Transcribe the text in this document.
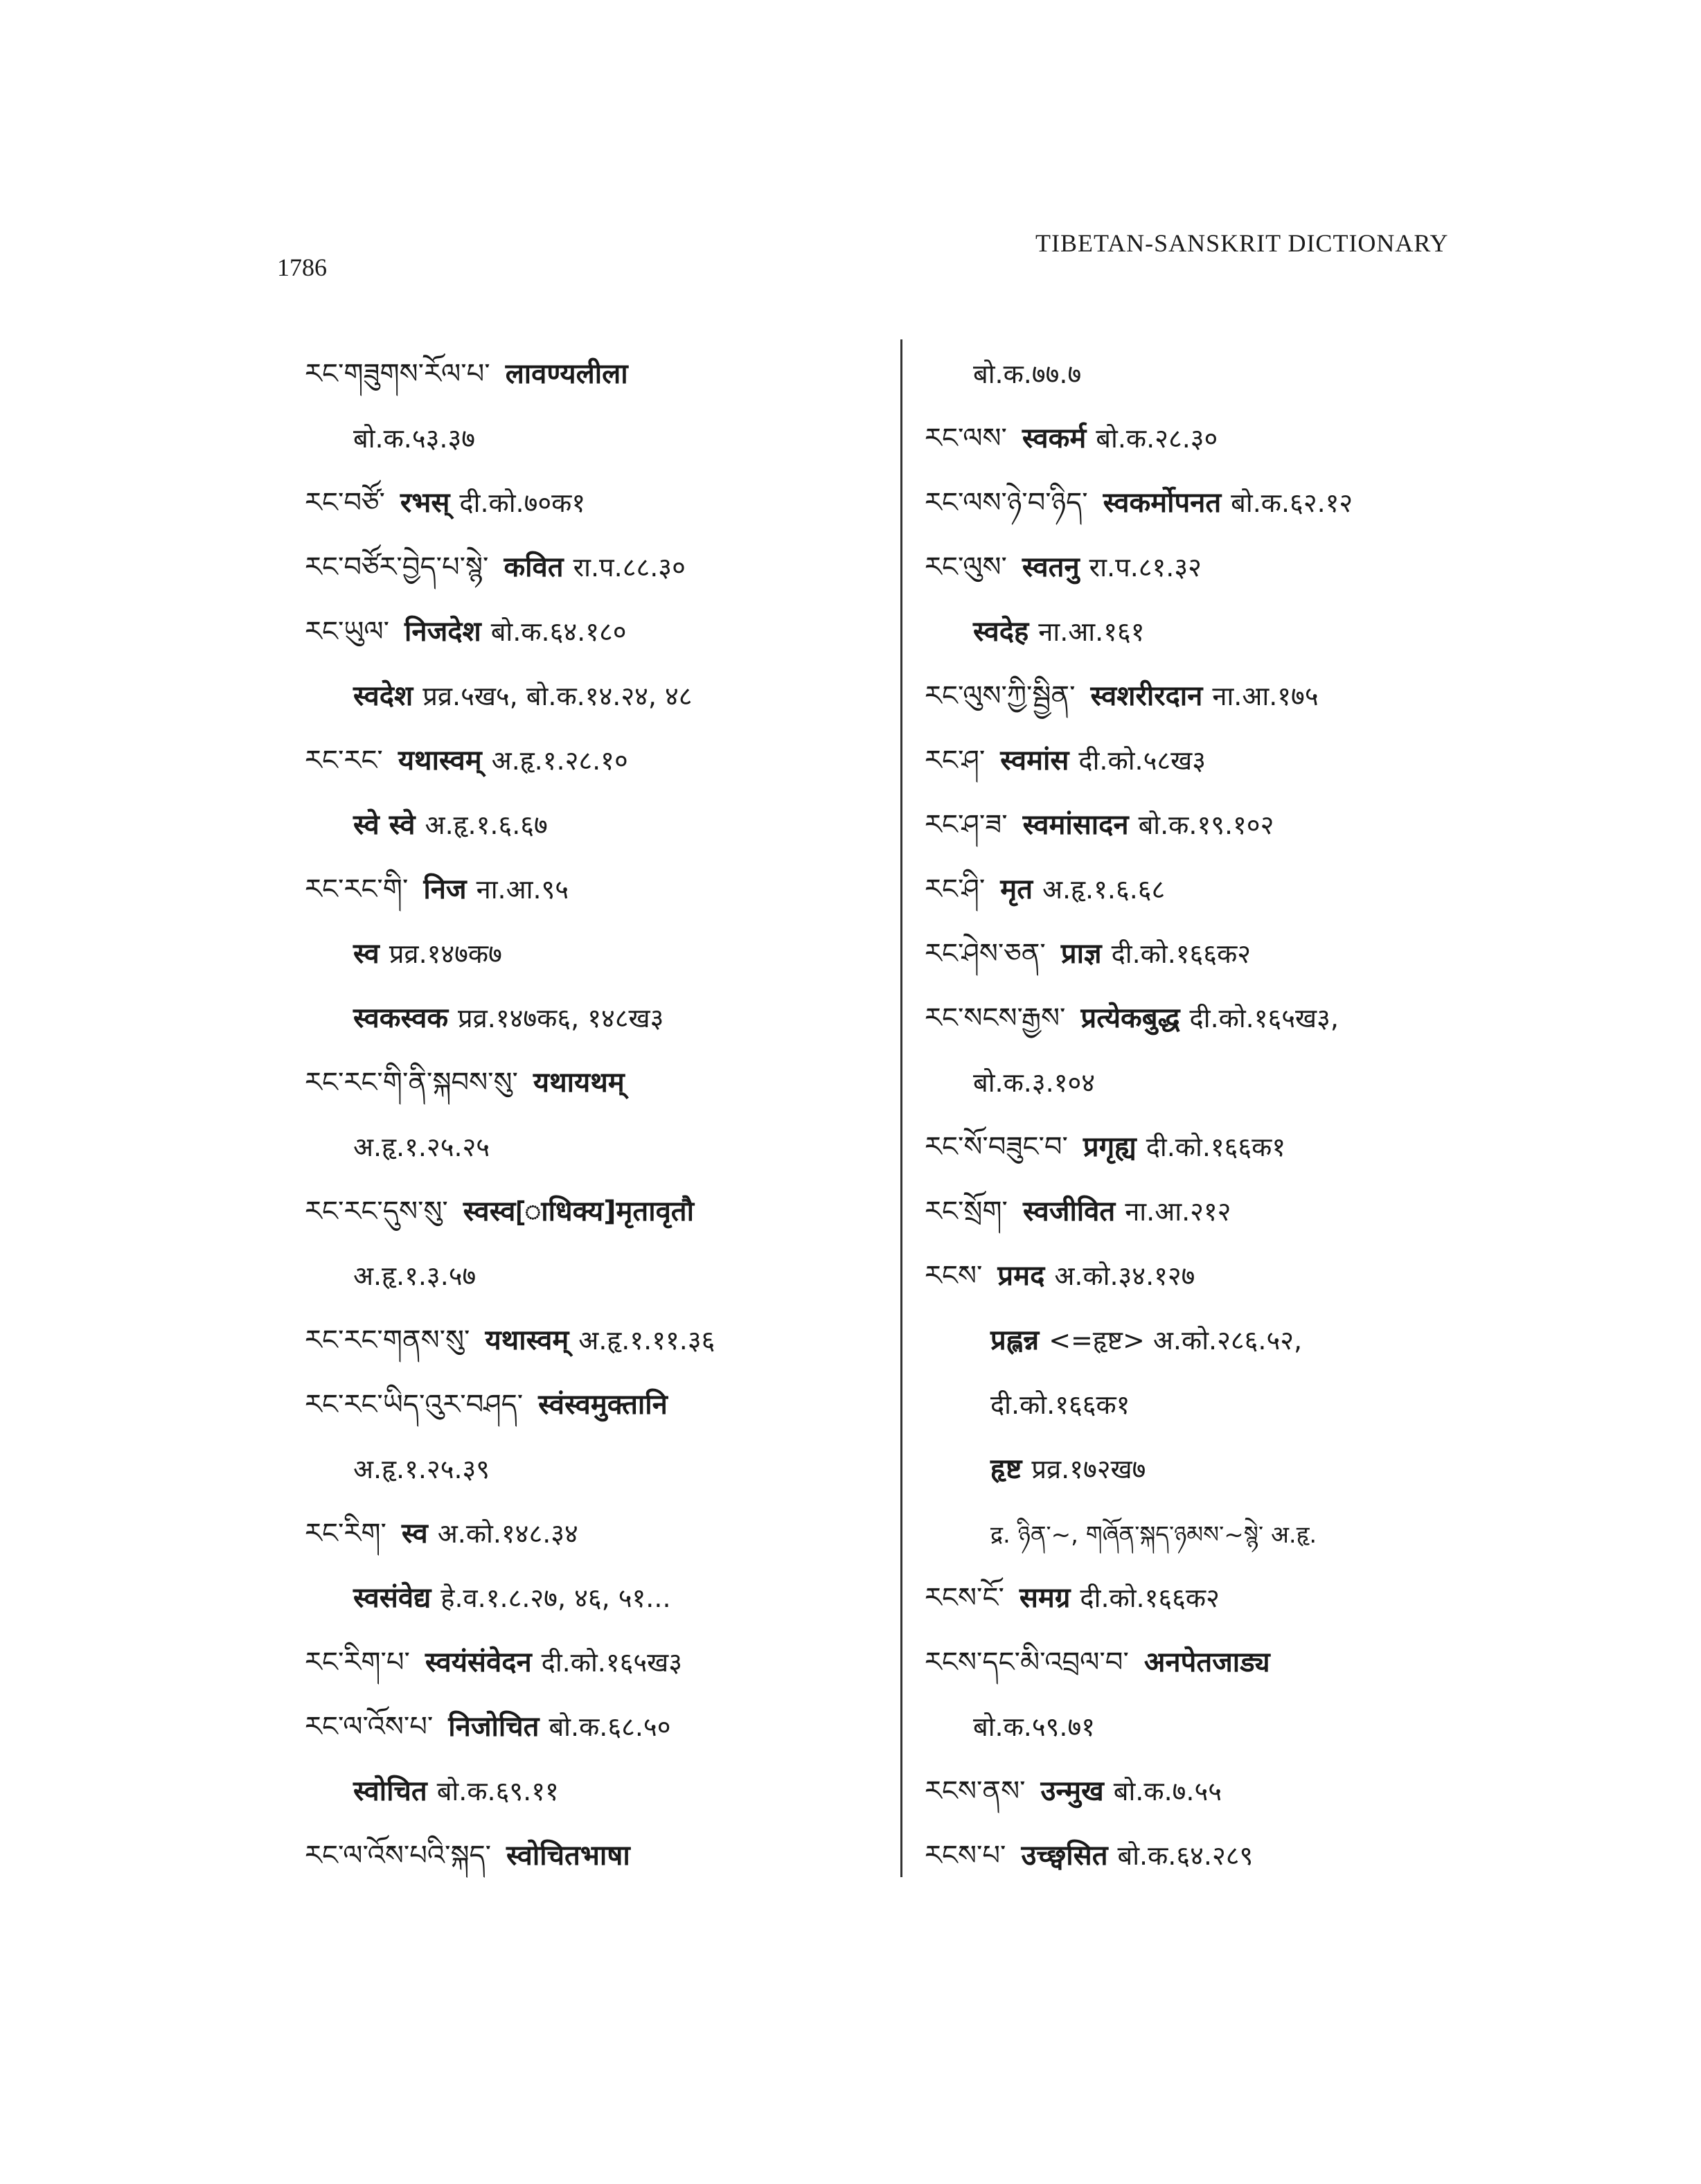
1786
TIBETAN-SANSKRIT DICTIONARY
རང་གཟུགས་རོལ་པ་ लावण्यलीला
बो.क.५३.३७
རང་བཙོ་ रभस् दी.को.७०क१
རང་བཙོར་བྱེད་པ་སྙེ་ कवित रा.प.८८.३०
རང་ཡུལ་ निजदेश बो.क.६४.१८०
स्वदेश प्रव्र.५ख५, बो.क.१४.२४, ४८
རང་རང་ यथास्वम् अ.हृ.१.२८.१०
स्वे स्वे अ.हृ.१.६.६७
རང་རང་གི་ निज ना.आ.९५
स्व प्रव्र.१४७क७
स्वकस्वक प्रव्र.१४७क६, १४८ख३
རང་རང་གི་ནི་སྐབས་སུ་ यथायथम्
अ.हृ.१.२५.२५
རང་རང་དུས་སུ་ स्वस्व[ाधिक्य]मृतावृतौ
अ.हृ.१.३.५७
རང་རང་གནས་སུ་ यथास्वम् अ.हृ.१.११.३६
རང་རང་ཡིད་འུར་བཤད་ स्वंस्वमुक्तानि
अ.हृ.१.२५.३९
རང་རིག་ स्व अ.को.१४८.३४
स्वसंवेद्य हे.व.१.८.२७, ४६, ५१...
རང་རིག་པ་ स्वयंसंवेदन दी.को.१६५ख३
རང་ལ་འོས་པ་ निजोचित बो.क.६८.५०
स्वोचित बो.क.६९.११
རང་ལ་འོས་པའི་སྐད་ स्वोचितभाषा
बो.क.७७.७
རང་ལས་ स्वकर्म बो.क.२८.३०
རང་ལས་ཉེ་བ་ཉིད་ स्वकर्मोपनत बो.क.६२.१२
རང་ལུས་ स्वतनु रा.प.८१.३२
स्वदेह ना.आ.१६१
རང་ལུས་ཀྱི་སྦྱིན་ स्वशरीरदान ना.आ.१७५
རང་ཤ་ स्वमांस दी.को.५८ख३
རང་ཤ་ཟ་ स्वमांसादन बो.क.१९.१०२
རང་ཤི་ मृत अ.हृ.१.६.६८
རང་ཤེས་ཅན་ प्राज्ञ दी.को.१६६क२
རང་སངས་རྒྱས་ प्रत्येकबुद्ध दी.को.१६५ख३,
बो.क.३.१०४
རང་སོ་བཟུང་བ་ प्रगृह्य दी.को.१६६क१
རང་སྲོག་ स्वजीवित ना.आ.२१२
རངས་ प्रमद अ.को.३४.१२७
प्रह्लन्न <=हृष्ट> अ.को.२८६.५२,
दी.को.१६६क१
हृष्ट प्रव्र.१७२ख७
द्र. ཉིན་~, གཞོན་སྐད་ཉམས་~སྙེ་ अ.हृ.
རངས་ངོ་ समग्र दी.को.१६६क२
རངས་དང་མི་འབྲལ་བ་ अनपेतजाड्य
बो.क.५९.७१
རངས་ནས་ उन्मुख बो.क.७.५५
རངས་པ་ उच्छ्वसित बो.क.६४.२८९
